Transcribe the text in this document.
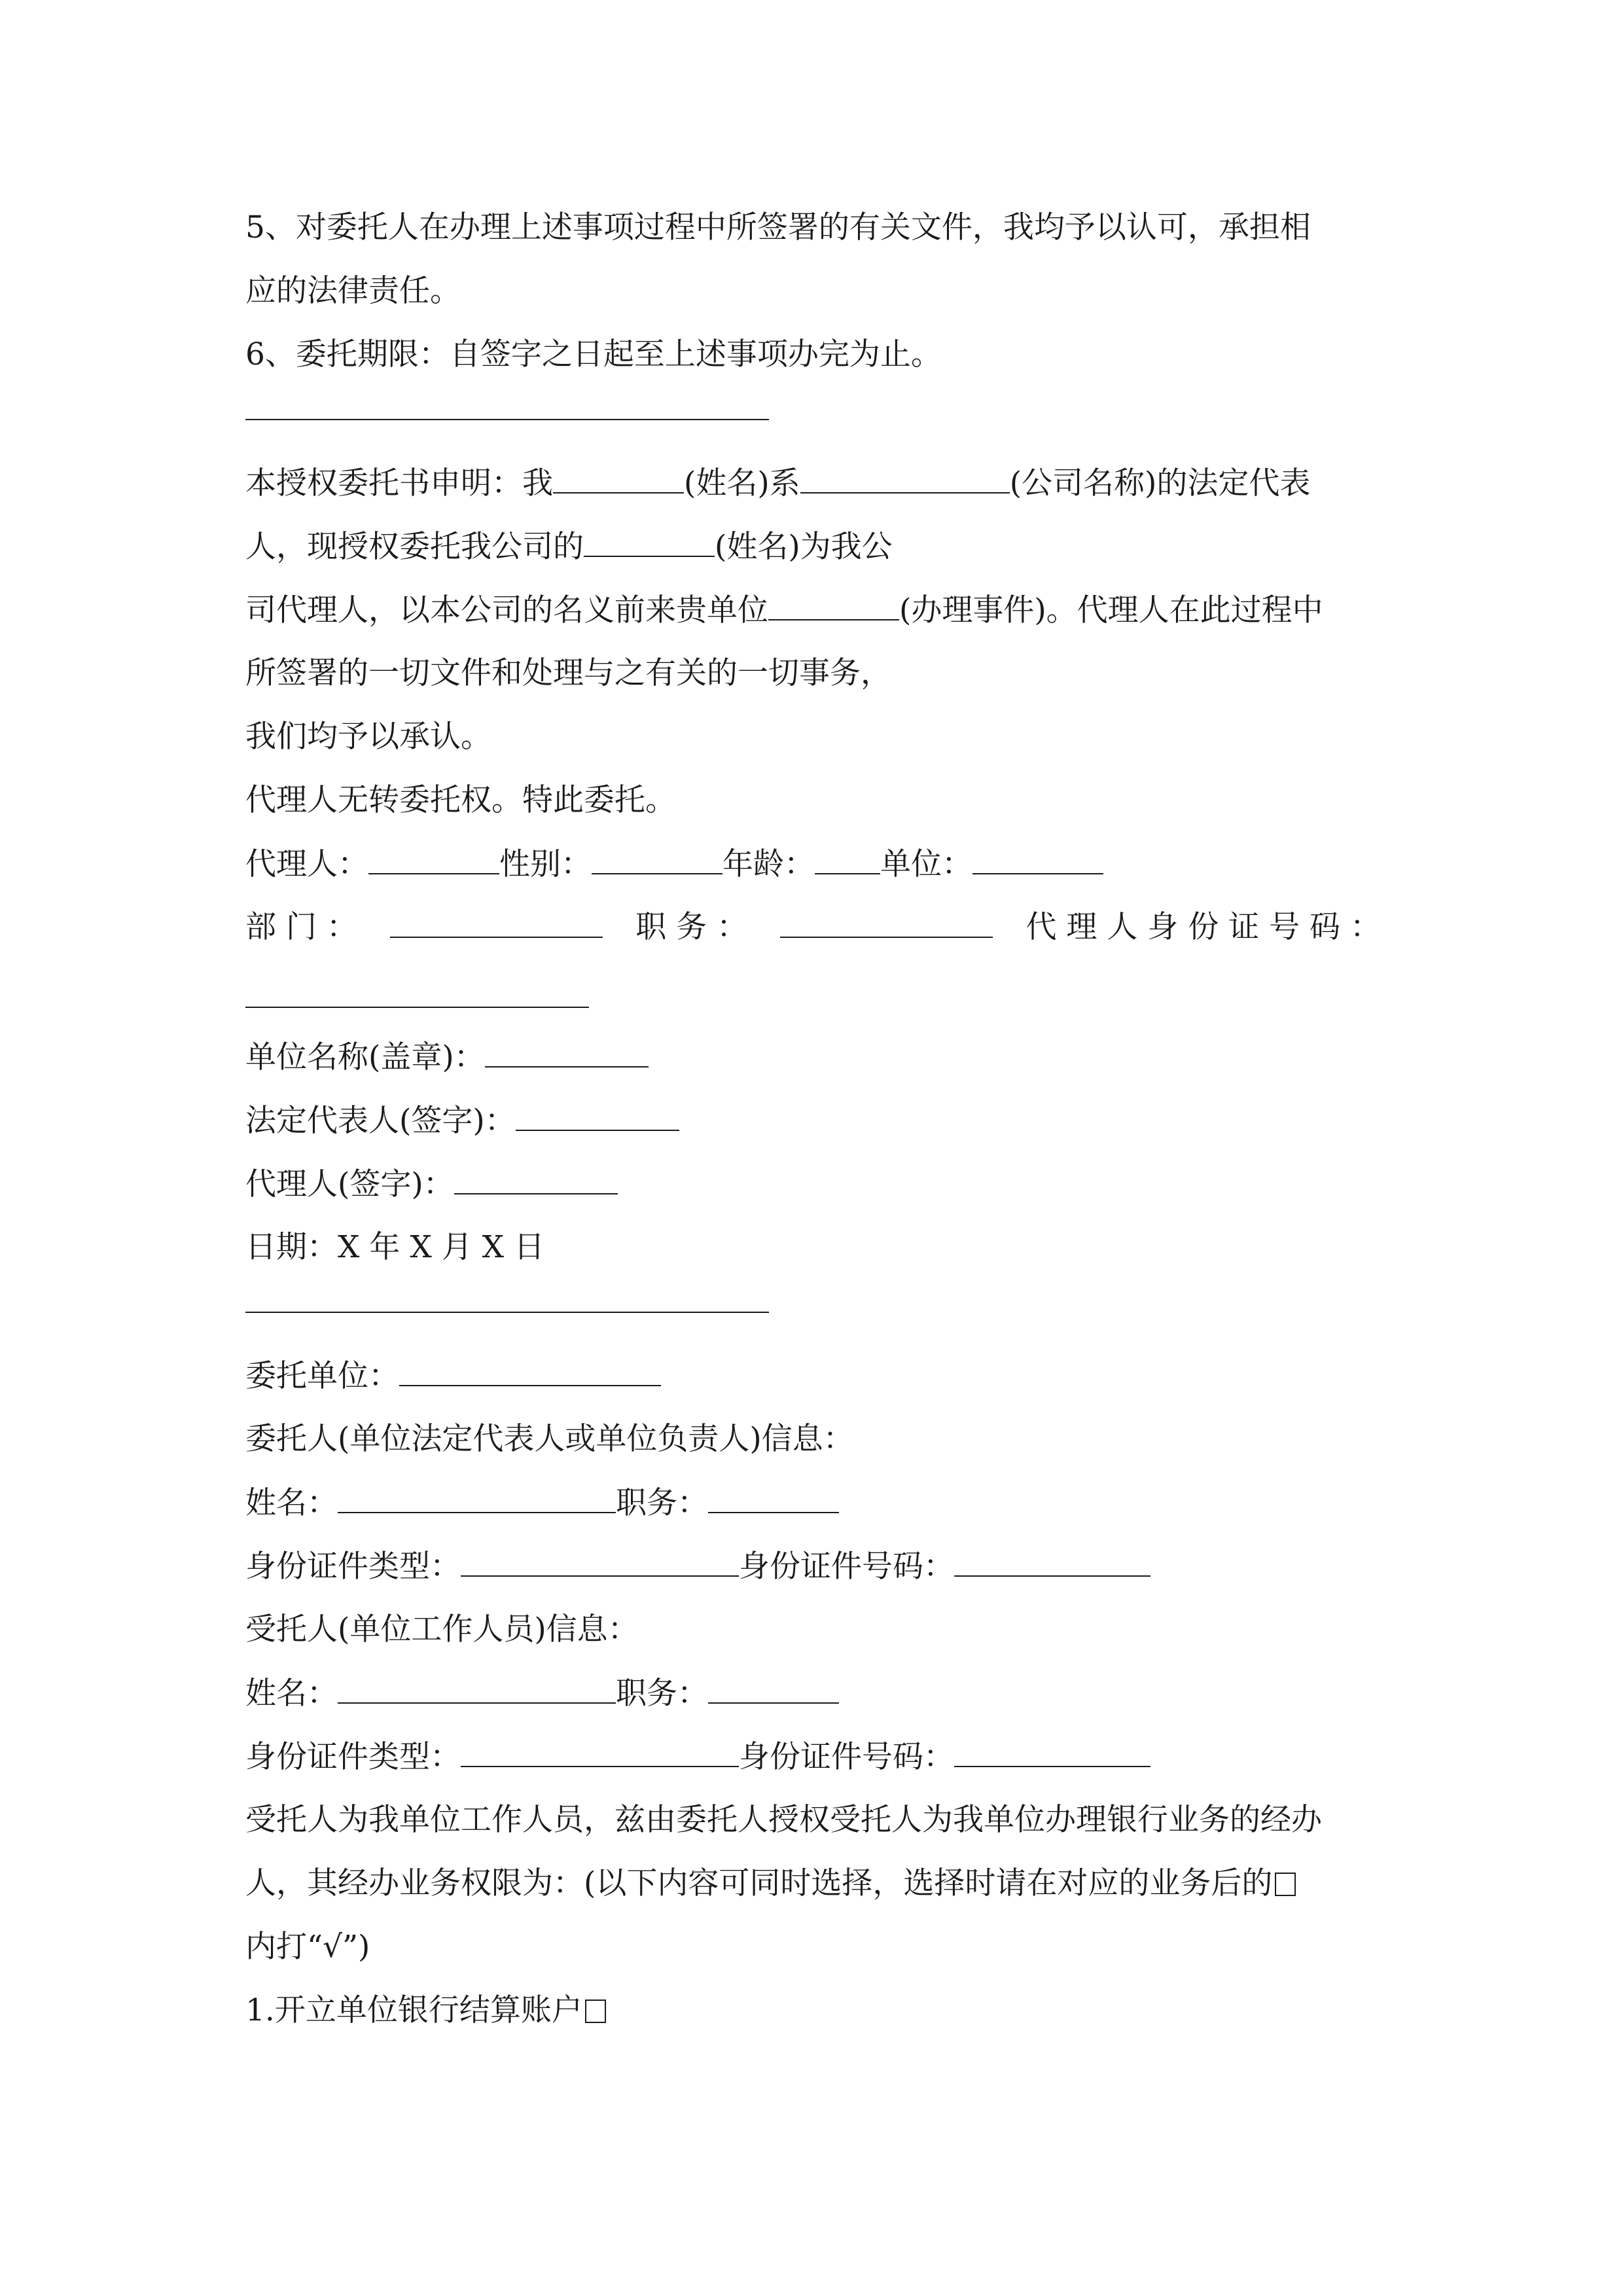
5、对委托人在办理上述事项过程中所签署的有关文件，我均予以认可，承担相
应的法律责任。
6、委托期限：自签字之日起至上述事项办完为止。
本授权委托书申明：我	(姓名)系	(公司名称)的法定代表
人，现授权委托我公司的	(姓名)为我公
司代理人，以本公司的名义前来贵单位	(办理事件)。代理人在此过程中
所签署的一切文件和处理与之有关的一切事务，
我们均予以承认。
代理人无转委托权。特此委托。
代理人：	性别：	年龄： 单位：
部 门 ：	职 务 ：	代 理 人 身 份 证 号 码 ：
单位名称(盖章)：
法定代表人(签字)：
代理人(签字)：
日期：X 年 X 月 X 日
委托单位：
委托人(单位法定代表人或单位负责人)信息：
姓名：	职务：
身份证件类型：	身份证件号码：
受托人(单位工作人员)信息：
姓名：	职务：
身份证件类型：	身份证件号码：
受托人为我单位工作人员，兹由委托人授权受托人为我单位办理银行业务的经办
人，其经办业务权限为：(以下内容可同时选择，选择时请在对应的业务后的
内打“√”)
1.开立单位银行结算账户
